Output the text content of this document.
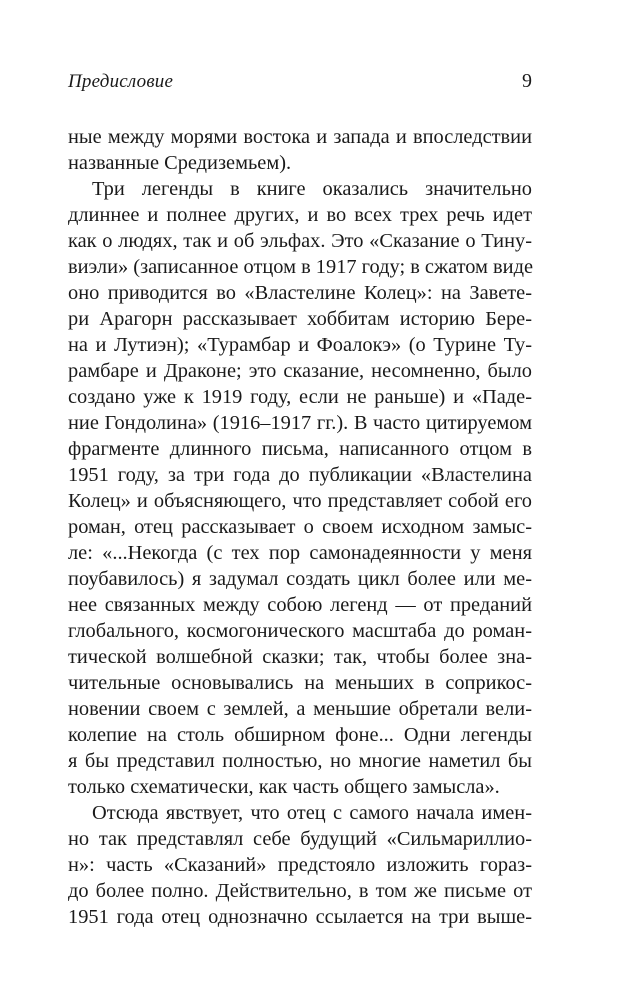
Предисловие	9

ные между морями востока и запада и впоследствии
названные Средиземьем).

Три легенды в книге оказались значительно
длиннее и полнее других, и во всех трех речь идет
как о людях, так и об эльфах. Это «Сказание о Тину-
виэли» (записанное отцом в 1917 году; в сжатом виде
оно приводится во «Властелине Колец»: на Заветe-
ри Арагорн рассказывает хоббитам историю Бере-
на и Лутиэн); «Турамбар и Фоалокэ» (о Турине Ту-
рамбаре и Драконе; это сказание, несомненно, было
создано уже к 1919 году, если не раньше) и «Паде-
ние Гондолина» (1916–1917 гг.). В часто цитируемом
фрагменте длинного письма, написанного отцом в
1951 году, за три года до публикации «Властелина
Колец» и объясняющего, что представляет собой его
роман, отец рассказывает о своем исходном замыс-
ле: «...Некогда (с тех пор самонадеянности у меня
поубавилось) я задумал создать цикл более или ме-
нее связанных между собою легенд — от преданий
глобального, космогонического масштаба до роман-
тической волшебной сказки; так, чтобы более зна-
чительные основывались на меньших в соприкос-
новении своем с землей, а меньшие обретали вели-
колепие на столь обширном фоне... Одни легенды
я бы представил полностью, но многие наметил бы
только схематически, как часть общего замысла».

Отсюда явствует, что отец с самого начала имен-
но так представлял себе будущий «Сильмариллио-
н»: часть «Сказаний» предстояло изложить горaз-
до более полно. Действительно, в том же письме от
1951 года отец однозначно ссылается на три выше-
